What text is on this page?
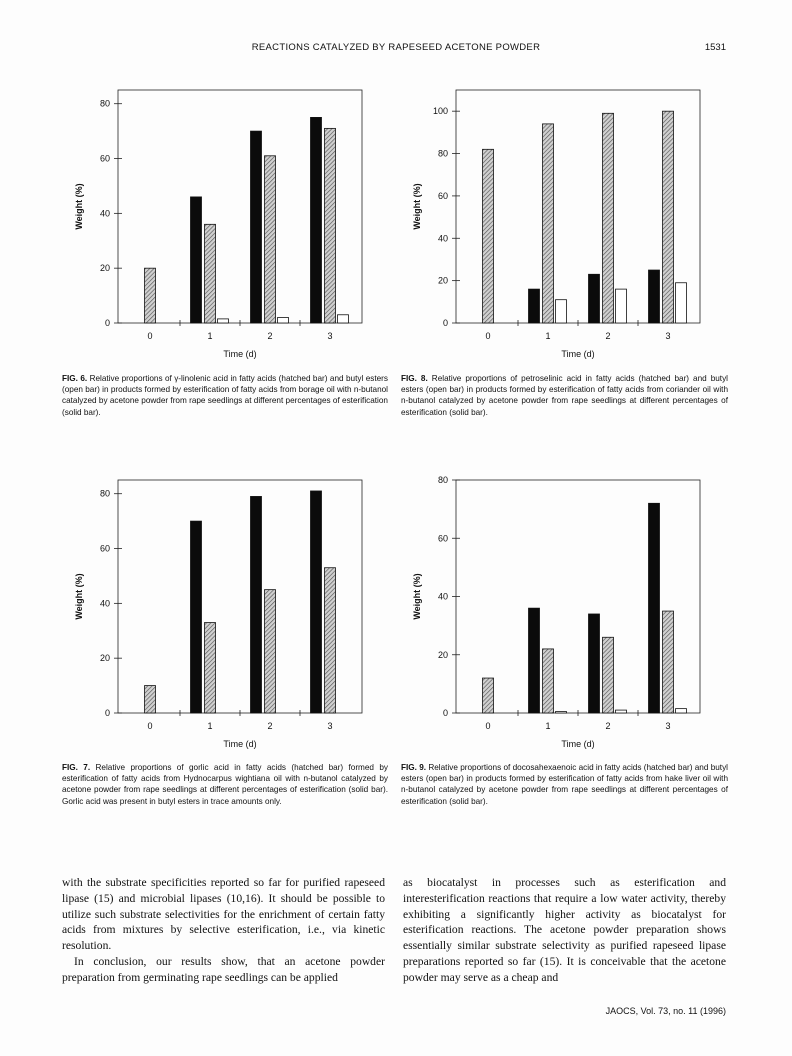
REACTIONS CATALYZED BY RAPESEED ACETONE POWDER	1531
0
20
40
60
80
0	1	2	3
Time (d)
Weight (%)
0
20
40
60
80
100
0	1	2	3
Time (d)
Weight (%)
0
20
40
60
80
0	1	2	3
Time (d)
Weight (%)
0
20
40
60
80
0	1	2	3
Time (d)
Weight (%)
FIG. 6. Relative proportions of γ-linolenic acid in fatty acids (hatched bar) and butyl esters (open bar) in products formed by esterification of fatty acids from borage oil with n-butanol catalyzed by acetone powder from rape seedlings at different percentages of esterification (solid bar).
FIG. 8. Relative proportions of petroselinic acid in fatty acids (hatched bar) and butyl esters (open bar) in products formed by esterification of fatty acids from coriander oil with n-butanol catalyzed by acetone powder from rape seedlings at different percentages of esterification (solid bar).
FIG. 7. Relative proportions of gorlic acid in fatty acids (hatched bar) formed by esterification of fatty acids from Hydnocarpus wightiana oil with n-butanol catalyzed by acetone powder from rape seedlings at different percentages of esterification (solid bar). Gorlic acid was present in butyl esters in trace amounts only.
FIG. 9. Relative proportions of docosahexaenoic acid in fatty acids (hatched bar) and butyl esters (open bar) in products formed by esterification of fatty acids from hake liver oil with n-butanol catalyzed by acetone powder from rape seedlings at different percentages of esterification (solid bar).

with the substrate specificities reported so far for purified rapeseed lipase (15) and microbial lipases (10,16). It should be possible to utilize such substrate selectivities for the enrichment of certain fatty acids from mixtures by selective esterification, i.e., via kinetic resolution.

In conclusion, our results show, that an acetone powder preparation from germinating rape seedlings can be applied

as biocatalyst in processes such as esterification and interesterification reactions that require a low water activity, thereby exhibiting a significantly higher activity as biocatalyst for esterification reactions. The acetone powder preparation shows essentially similar substrate selectivity as purified rapeseed lipase preparations reported so far (15). It is conceivable that the acetone powder may serve as a cheap and

JAOCS, Vol. 73, no. 11 (1996)
